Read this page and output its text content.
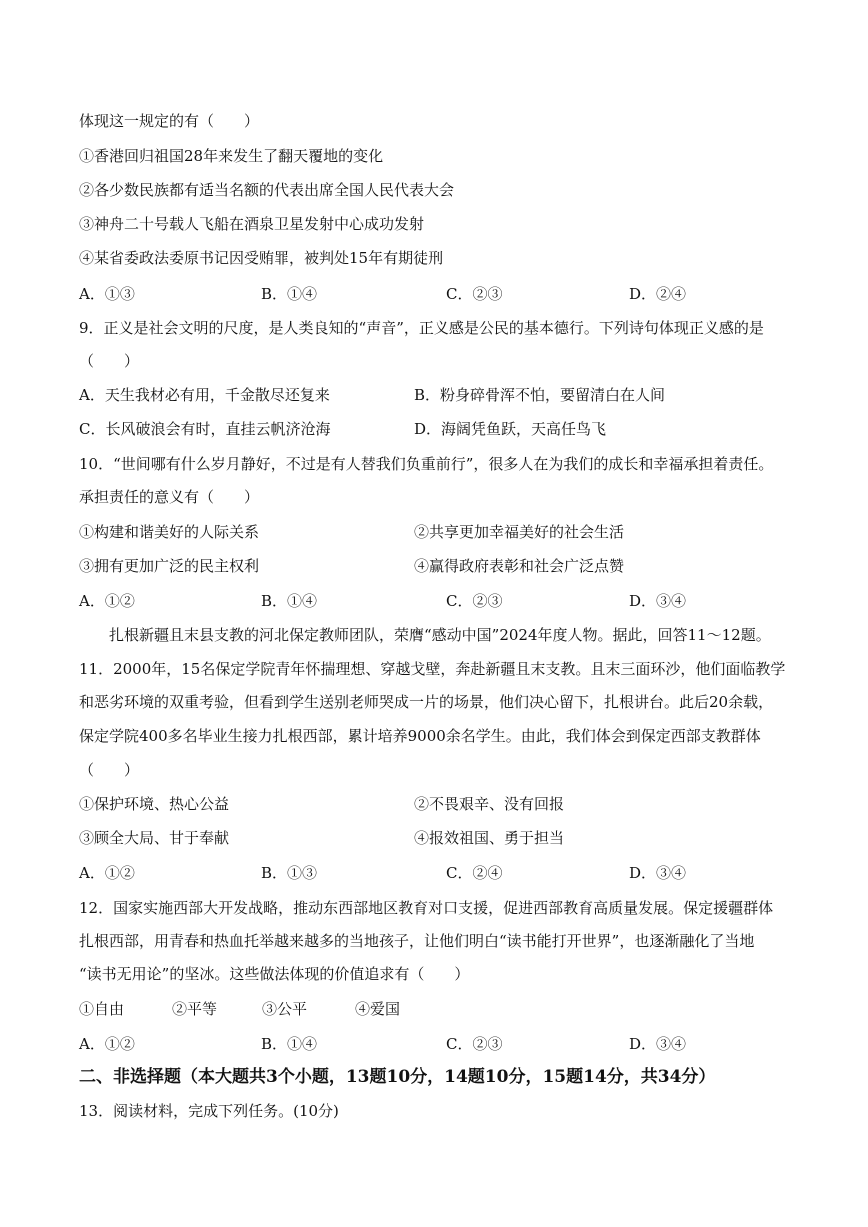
体现这一规定的有（　　）
①香港回归祖国28年来发生了翻天覆地的变化
②各少数民族都有适当名额的代表出席全国人民代表大会
③神舟二十号载人飞船在酒泉卫星发射中心成功发射
④某省委政法委原书记因受贿罪，被判处15年有期徒刑
A．①③	B．①④	C．②③	D．②④
9．正义是社会文明的尺度，是人类良知的“声音”，正义感是公民的基本德行。下列诗句体现正义感的是
（　　）
A．天生我材必有用，千金散尽还复来	B．粉身碎骨浑不怕，要留清白在人间
C．长风破浪会有时，直挂云帆济沧海	D．海阔凭鱼跃，天高任鸟飞
10．“世间哪有什么岁月静好，不过是有人替我们负重前行”，很多人在为我们的成长和幸福承担着责任。
承担责任的意义有（　　）
①构建和谐美好的人际关系	②共享更加幸福美好的社会生活
③拥有更加广泛的民主权利	④赢得政府表彰和社会广泛点赞
A．①②	B．①④	C．②③	D．③④
扎根新疆且末县支教的河北保定教师团队，荣膺“感动中国”2024年度人物。据此，回答11～12题。
11．2000年，15名保定学院青年怀揣理想、穿越戈壁，奔赴新疆且末支教。且末三面环沙，他们面临教学
和恶劣环境的双重考验，但看到学生送别老师哭成一片的场景，他们决心留下，扎根讲台。此后20余载，
保定学院400多名毕业生接力扎根西部，累计培养9000余名学生。由此，我们体会到保定西部支教群体
（　　）
①保护环境、热心公益	②不畏艰辛、没有回报
③顾全大局、甘于奉献	④报效祖国、勇于担当
A．①②	B．①③	C．②④	D．③④
12．国家实施西部大开发战略，推动东西部地区教育对口支援，促进西部教育高质量发展。保定援疆群体
扎根西部，用青春和热血托举越来越多的当地孩子，让他们明白“读书能打开世界”，也逐渐融化了当地
“读书无用论”的坚冰。这些做法体现的价值追求有（　　）
①自由	②平等	③公平	④爱国
A．①②	B．①④	C．②③	D．③④
二、非选择题（本大题共3个小题，13题10分，14题10分，15题14分，共34分）
13．阅读材料，完成下列任务。(10分)
